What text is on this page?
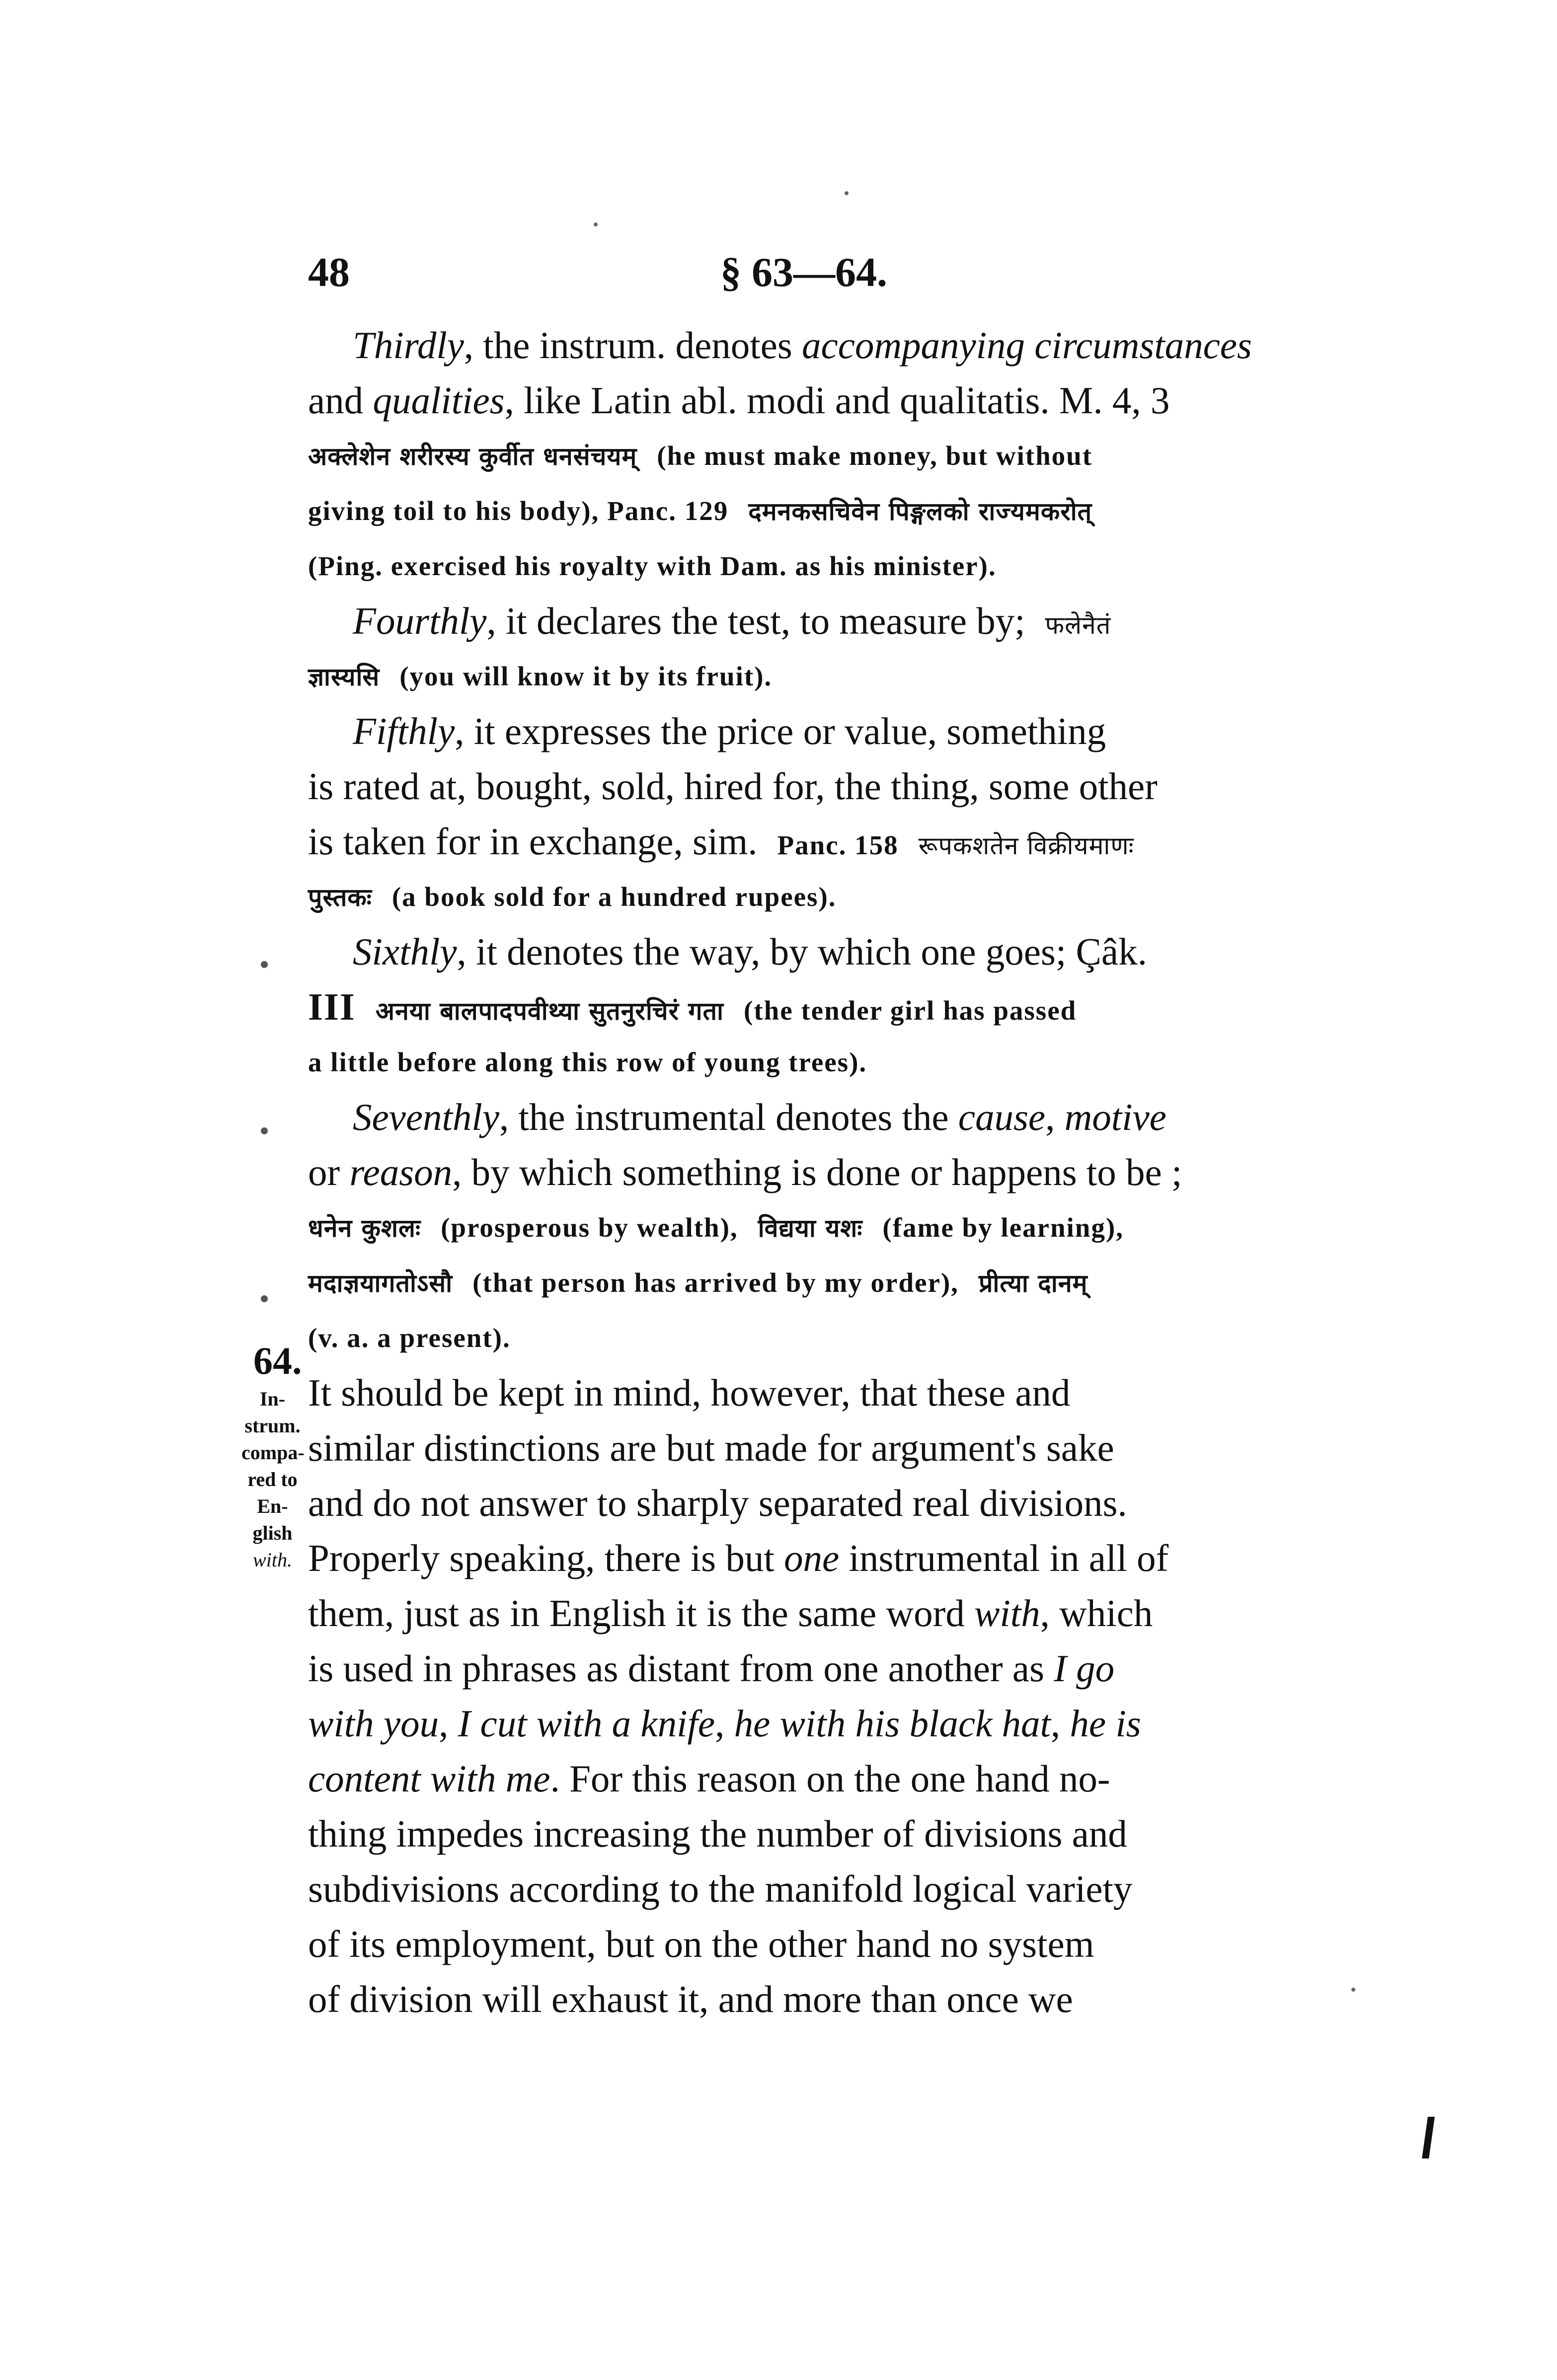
48	§ 63—64.
64.
In-
strum.
compa-
red to
En-
glish
with.
Thirdly, the instrum. denotes accompanying circumstances
and qualities, like Latin abl. modi and qualitatis. M. 4, 3
अक्लेशेन शरीरस्य कुर्वीत धनसंचयम् (he must make money, but without
giving toil to his body), Panc. 129 दमनकसचिवेन पिङ्गलको राज्यमकरोत्
(Ping. exercised his royalty with Dam. as his minister).
Fourthly, it declares the test, to measure by; फलेनैतं
ज्ञास्यसि (you will know it by its fruit).
Fifthly, it expresses the price or value, something
is rated at, bought, sold, hired for, the thing, some other
is taken for in exchange, sim. Panc. 158 रूपकशतेन विक्रीयमाणः
पुस्तकः (a book sold for a hundred rupees).
Sixthly, it denotes the way, by which one goes; Çâk.
III अनया बालपादपवीथ्या सुतनुरचिरं गता (the tender girl has passed
a little before along this row of young trees).
Seventhly, the instrumental denotes the cause, motive
or reason, by which something is done or happens to be ;
धनेन कुशलः (prosperous by wealth), विद्यया यशः (fame by learning),
मदाज्ञयागतोऽसौ (that person has arrived by my order), प्रीत्या दानम्
(v. a. a present).
It should be kept in mind, however, that these and
similar distinctions are but made for argument's sake
and do not answer to sharply separated real divisions.
Properly speaking, there is but one instrumental in all of
them, just as in English it is the same word with, which
is used in phrases as distant from one another as I go
with you, I cut with a knife, he with his black hat, he is
content with me. For this reason on the one hand no-
thing impedes increasing the number of divisions and
subdivisions according to the manifold logical variety
of its employment, but on the other hand no system
of division will exhaust it, and more than once we
